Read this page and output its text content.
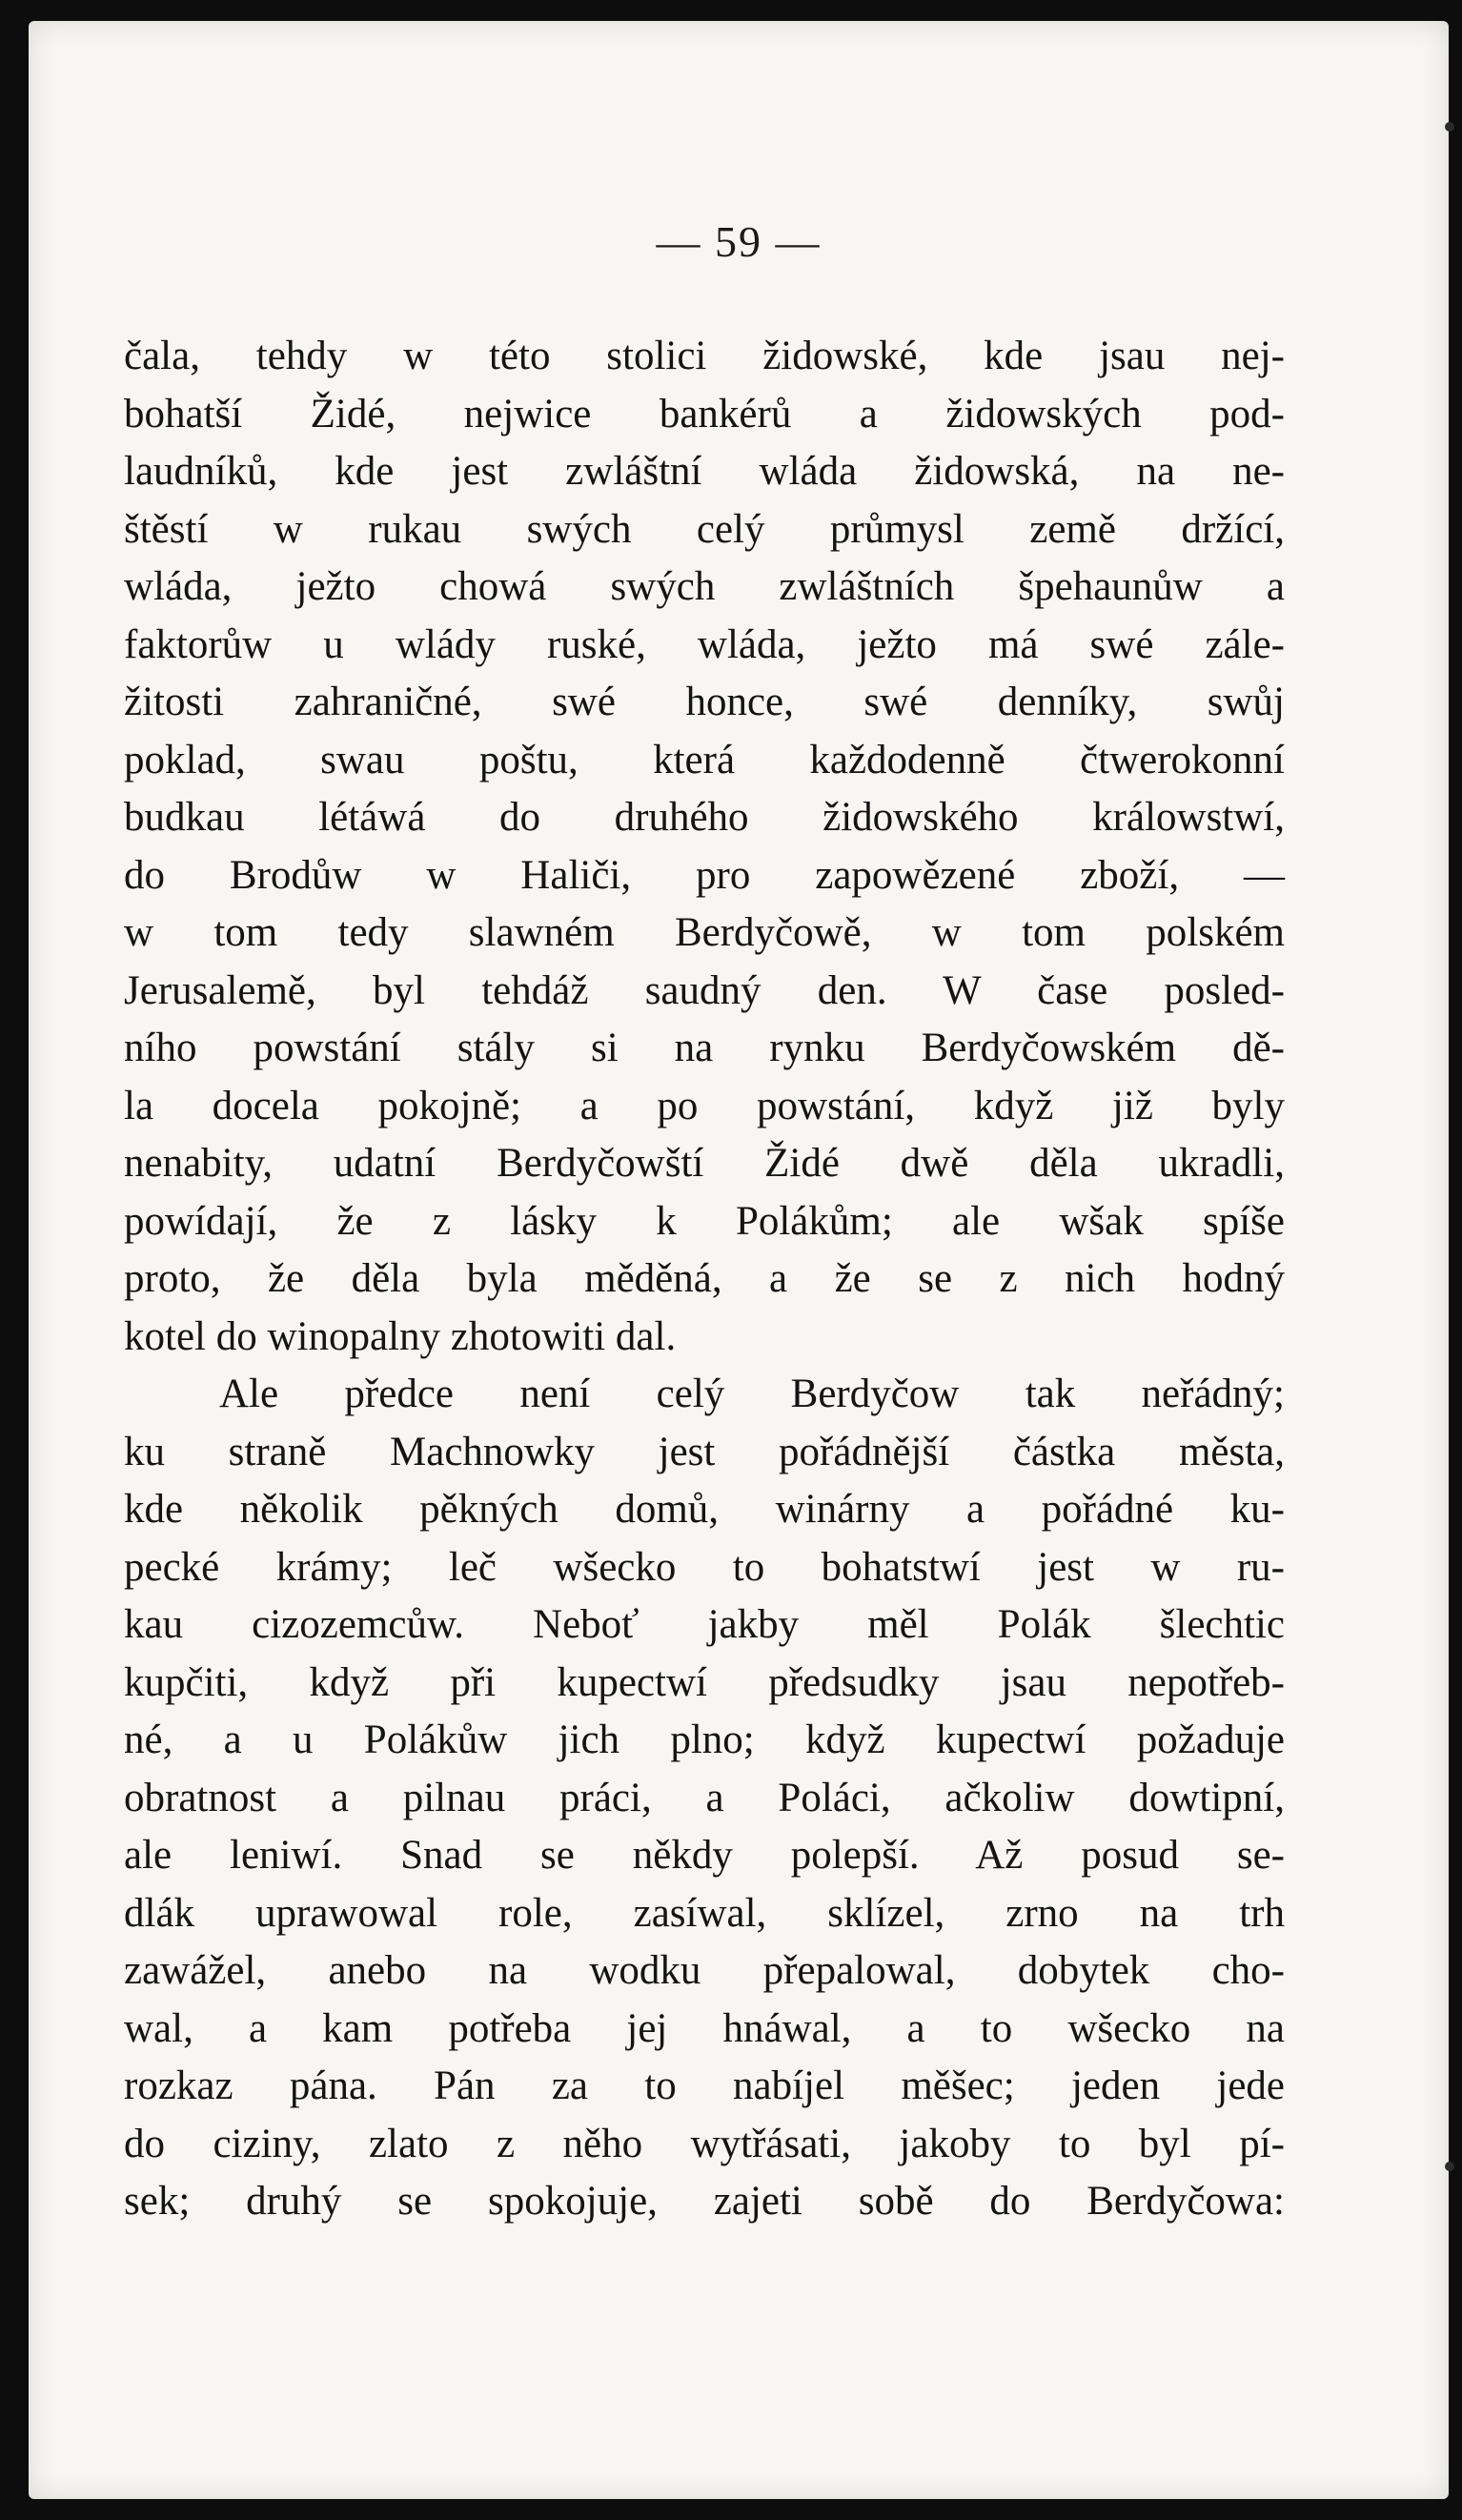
— 59 —
čala, tehdy w této stolici židowské, kde jsau nej-
bohatší Židé, nejwice bankérů a židowských pod-
laudníků, kde jest zwláštní wláda židowská, na ne-
štěstí w rukau swých celý průmysl země držící,
wláda, ježto chowá swých zwláštních špehaunůw a
faktorůw u wlády ruské, wláda, ježto má swé zále-
žitosti zahraničné, swé honce, swé denníky, swůj
poklad, swau poštu, která každodenně čtwerokonní
budkau létáwá do druhého židowského králowstwí,
do Brodůw w Haliči, pro zapowězené zboží, —
w tom tedy slawném Berdyčowě, w tom polském
Jerusalemě, byl tehdáž saudný den. W čase posled-
ního powstání stály si na rynku Berdyčowském dě-
la docela pokojně; a po powstání, když již byly
nenabity, udatní Berdyčowští Židé dwě děla ukradli,
powídají, že z lásky k Polákům; ale wšak spíše
proto, že děla byla měděná, a že se z nich hodný
kotel do winopalny zhotowiti dal.
Ale předce není celý Berdyčow tak neřádný;
ku straně Machnowky jest pořádnější částka města,
kde několik pěkných domů, winárny a pořádné ku-
pecké krámy; leč wšecko to bohatstwí jest w ru-
kau cizozemcůw. Neboť jakby měl Polák šlechtic
kupčiti, když při kupectwí předsudky jsau nepotřeb-
né, a u Polákůw jich plno; když kupectwí požaduje
obratnost a pilnau práci, a Poláci, ačkoliw dowtipní,
ale leniwí. Snad se někdy polepší. Až posud se-
dlák uprawowal role, zasíwal, sklízel, zrno na trh
zawážel, anebo na wodku přepalowal, dobytek cho-
wal, a kam potřeba jej hnáwal, a to wšecko na
rozkaz pána. Pán za to nabíjel měšec; jeden jede
do ciziny, zlato z něho wytřásati, jakoby to byl pí-
sek; druhý se spokojuje, zajeti sobě do Berdyčowa:
